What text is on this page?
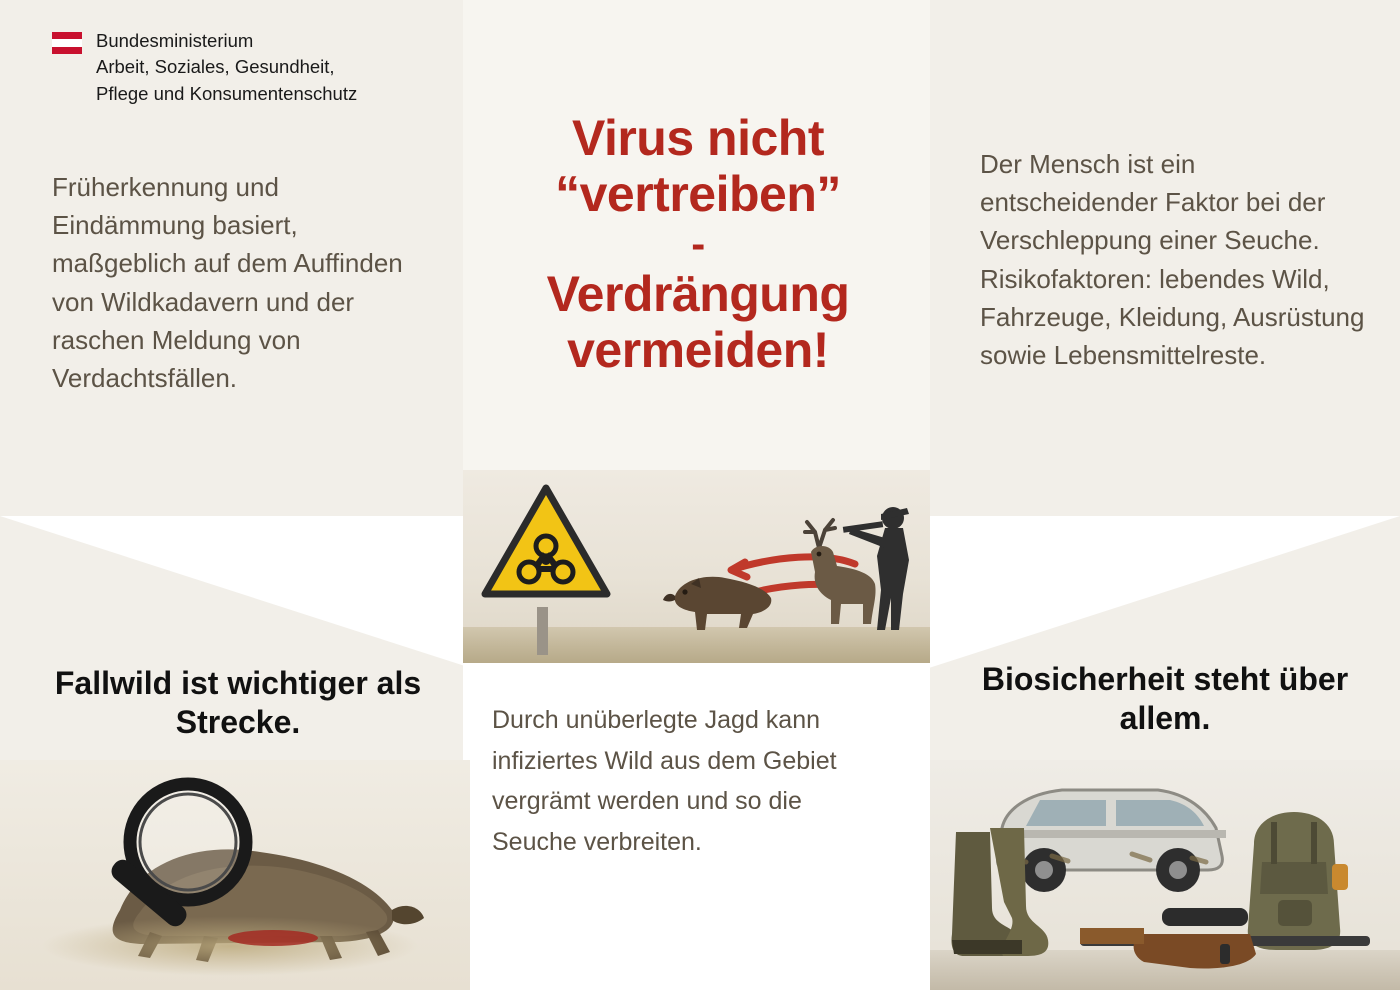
Bundesministerium
Arbeit, Soziales, Gesundheit,
Pflege und Konsumentenschutz
Früherkennung und Eindämmung basiert, maßgeblich auf dem Auffinden von Wildkadavern und der raschen Meldung von Verdachtsfällen.
Virus nicht
“vertreiben”
-
Verdrängung
vermeiden!

Der Mensch ist ein entscheidender Faktor bei der Verschleppung einer Seuche.

Risikofaktoren: lebendes Wild, Fahrzeuge, Kleidung, Ausrüstung sowie Lebensmittelreste.

Fallwild ist wichtiger als Strecke.
Biosicherheit steht über allem.
Durch unüberlegte Jagd kann infiziertes Wild aus dem Gebiet vergrämt werden und so die Seuche verbreiten.
